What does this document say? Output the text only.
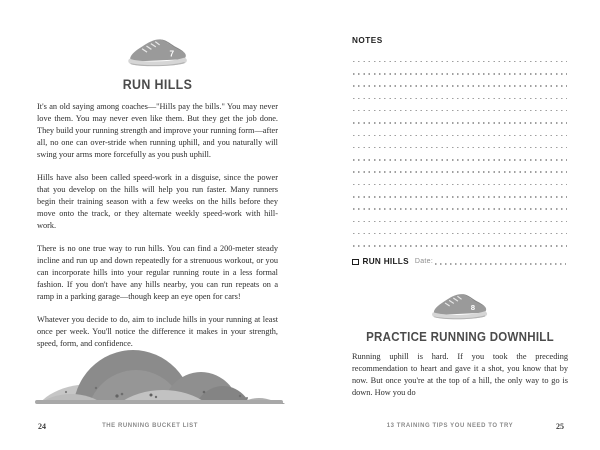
7
RUN HILLS

It's an old saying among coaches—"Hills pay the bills." You may never love them. You may never even like them. But they get the job done. They build your running strength and improve your running form—after all, no one can over-stride when running uphill, and you naturally will swing your arms more forcefully as you push uphill.

Hills have also been called speed-work in a disguise, since the power that you develop on the hills will help you run faster. Many runners begin their training season with a few weeks on the hills before they move onto the track, or they alternate weekly speed-work with hill-work.

There is no one true way to run hills. You can find a 200-meter steady incline and run up and down repeatedly for a strenuous workout, or you can incorporate hills into your regular running route in a less formal fashion. If you don't have any hills nearby, you can run repeats on a ramp in a parking garage—though keep an eye open for cars!

Whatever you decide to do, aim to include hills in your running at least once per week. You'll notice the difference it makes in your strength, speed, form, and confidence.

24	THE RUNNING BUCKET LIST
NOTES
RUN HILLS Date:
8
PRACTICE RUNNING DOWNHILL

Running uphill is hard. If you took the preceding recommendation to heart and gave it a shot, you know that by now. But once you're at the top of a hill, the only way to go is down. How you do

13 TRAINING TIPS YOU NEED TO TRY	25
